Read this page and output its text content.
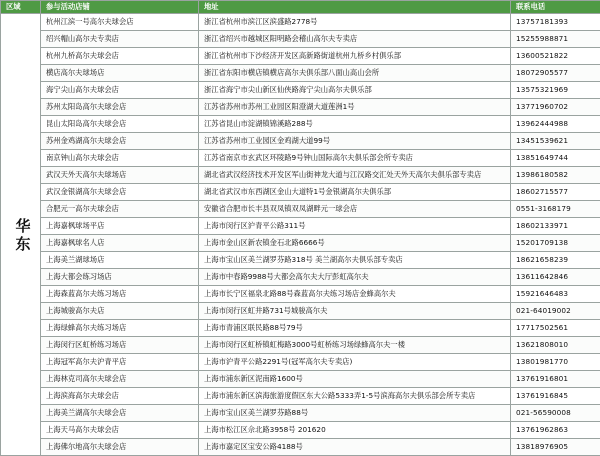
区域	参与活动店铺	地址	联系电话
华东	杭州江滨一号高尔夫球会店	浙江省杭州市滨江区滨盛路2778号	13757181393
	绍兴帽山高尔夫专卖店	浙江省绍兴市越城区阳明路会稽山高尔夫专卖店	15255988871
	杭州九桥高尔夫球会店	浙江省杭州市下沙经济开发区高新路街道杭州九桥乡村俱乐部	13600521822
	横店高尔夫球场店	浙江省东阳市横店镇横店高尔夫俱乐部八面山高山会所	18072905577
	海宁尖山高尔夫球会店	浙江省海宁市尖山新区仙侠路海宁尖山高尔夫俱乐部	13575321969
	苏州太阳岛高尔夫球会店	江苏省苏州市苏州工业园区阳澄湖大道莲洲1号	13771960702
	昆山太阳岛高尔夫球会店	江苏省昆山市淀湖镇锦溪路288号	13962444988
	苏州金鸡湖高尔夫球会店	江苏省苏州市工业园区金鸡湖大道99号	13451539621
	南京钟山高尔夫球会店	江苏省南京市玄武区环陵路9号钟山国际高尔夫俱乐部会所专卖店	13851649744
	武汉天外天高尔夫球场店	湖北省武汉经济技术开发区军山街神龙大道与江汉路交汇处天外天高尔夫俱乐部专卖店	13986180582
	武汉金银湖高尔夫球会店	湖北省武汉市东西湖区金山大道特1号金银湖高尔夫俱乐部	18602715577
	合肥元一高尔夫球会店	安徽省合肥市长丰县双凤镇双凤湖畔元一球会店	0551-3168179
	上海嘉枫球场平店	上海市闵行区沪青平公路311号	18602133971
	上海嘉枫球名人店	上海市金山区新农镇金石北路6666号	15201709138
	上海美兰湖球场店	上海市宝山区美兰湖罗芬路318号 美兰湖高尔夫俱乐部专卖店	18621658239
	上海大都会练习场店	上海市中春路9988号大都会高尔夫大厅彭虹高尔夫	13611642846
	上海森蓝高尔夫练习场店	上海市长宁区福泉北路88号森蓝高尔夫练习场店金蜂高尔夫	15921646483
	上海城骏高尔夫店	上海市闵行区虹井路731号城骏高尔夫	021-64019002
	上海绿蜂高尔夫练习场店	上海市青浦区联民路88号79号	17717502561
	上海闵行区虹桥练习场店	上海市闵行区虹桥镇虹梅路3000号虹桥练习场绿蜂高尔夫一楼	13621808010
	上海冠军高尔夫沪青平店	上海市沪青平公路2291号(冠军高尔夫专卖店)	13801981770
	上海林克司高尔夫球会店	上海市浦东新区泥南路1600号	13761916801
	上海滨海高尔夫球会店	上海市浦东新区滨海旅游度假区东大公路5333弄1-5号滨海高尔夫俱乐部会所专卖店	13761916845
	上海美兰湖高尔夫球会店	上海市宝山区美兰湖罗芬路88号	021-56590008
	上海天马高尔夫球会店	上海市松江区佘北路3958号 201620	13761962863
	上海佛尔地高尔夫球会店	上海市嘉定区宝安公路4188号	13818976905
